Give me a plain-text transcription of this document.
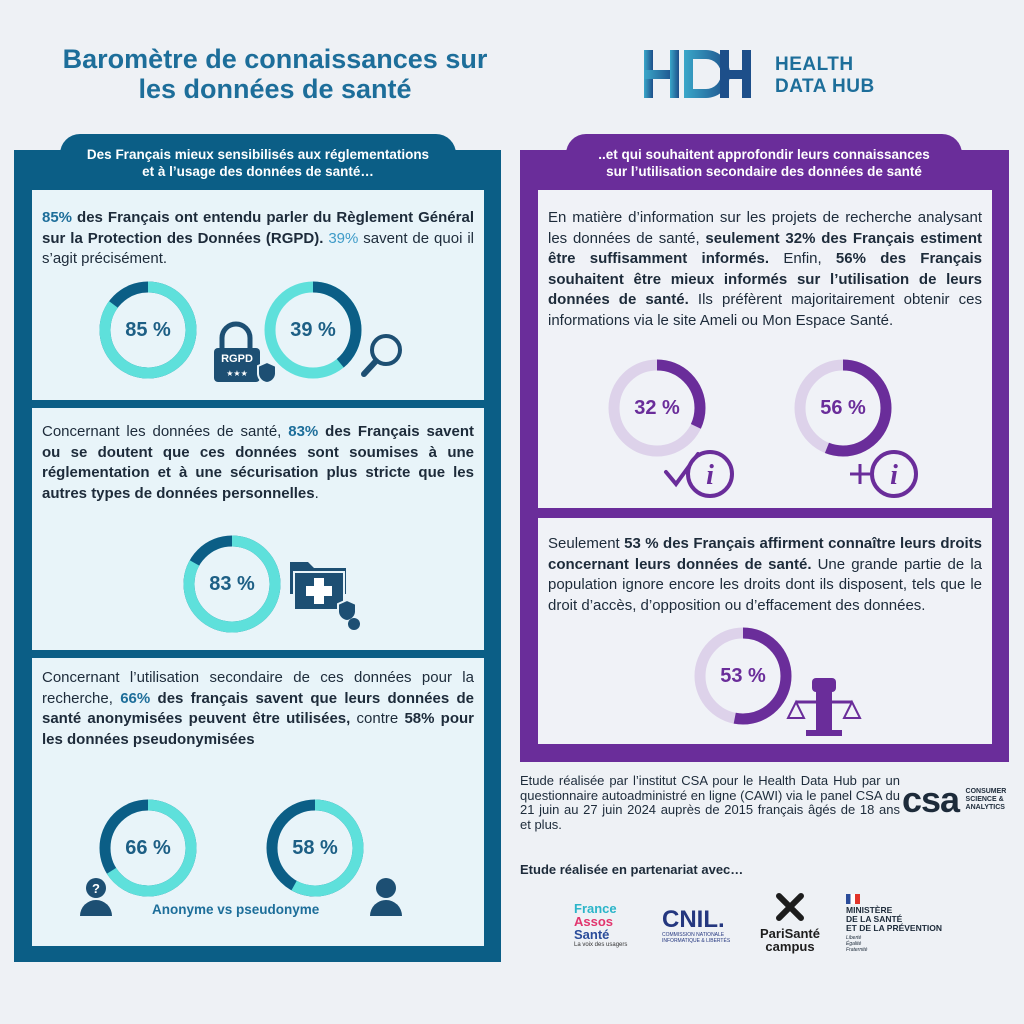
Baromètre de connaissances sur
les données de santé
HEALTH
DATA HUB
Des Français mieux sensibilisés aux réglementations
et à l’usage des données de santé…
..et qui souhaitent approfondir leurs connaissances
sur l’utilisation secondaire des données de santé

85% des Français ont entendu parler du Règlement Général sur la Protection des Données (RGPD). 39% savent de quoi il s’agit précisément.

85 %	39 %
RGPD
★★★

Concernant les données de santé, 83% des Français savent ou se doutent que ces données sont soumises à une réglementation et à une sécurisation plus stricte que les autres types de données personnelles.

83 %

Concernant l’utilisation secondaire de ces données pour la recherche, 66% des français savent que leurs données de santé anonymisées peuvent être utilisées, contre 58% pour les données pseudonymisées

66 %	58 %
?
Anonyme vs pseudonyme

En matière d’information sur les projets de recherche analysant les données de santé, seulement 32% des Français estiment être suffisamment informés. Enfin, 56% des Français souhaitent être mieux informés sur l’utilisation de leurs données de santé. Ils préfèrent majoritairement obtenir ces informations via le site Ameli ou Mon Espace Santé.

32 %	56 %
i	i

Seulement 53 % des Français affirment connaître leurs droits concernant leurs données de santé. Une grande partie de la population ignore encore les droits dont ils disposent, tels que le droit d’accès, d’opposition ou d’effacement des données.

53 %
Etude réalisée par l’institut CSA pour le Health Data Hub par un questionnaire autoadministré en ligne (CAWI) via le panel CSA du 21 juin au 27 juin 2024 auprès de 2015 français âgés de 18 ans et plus.
csa CONSUMER
SCIENCE &
ANALYTICS
Etude réalisée en partenariat avec…
France
Assos
Santé
La voix des usagers
CNIL.
COMMISSION NATIONALE
INFORMATIQUE & LIBERTÉS	PariSanté
campus
MINISTÈRE
DE LA SANTÉ
ET DE LA PRÉVENTION
Liberté
Égalité
Fraternité
